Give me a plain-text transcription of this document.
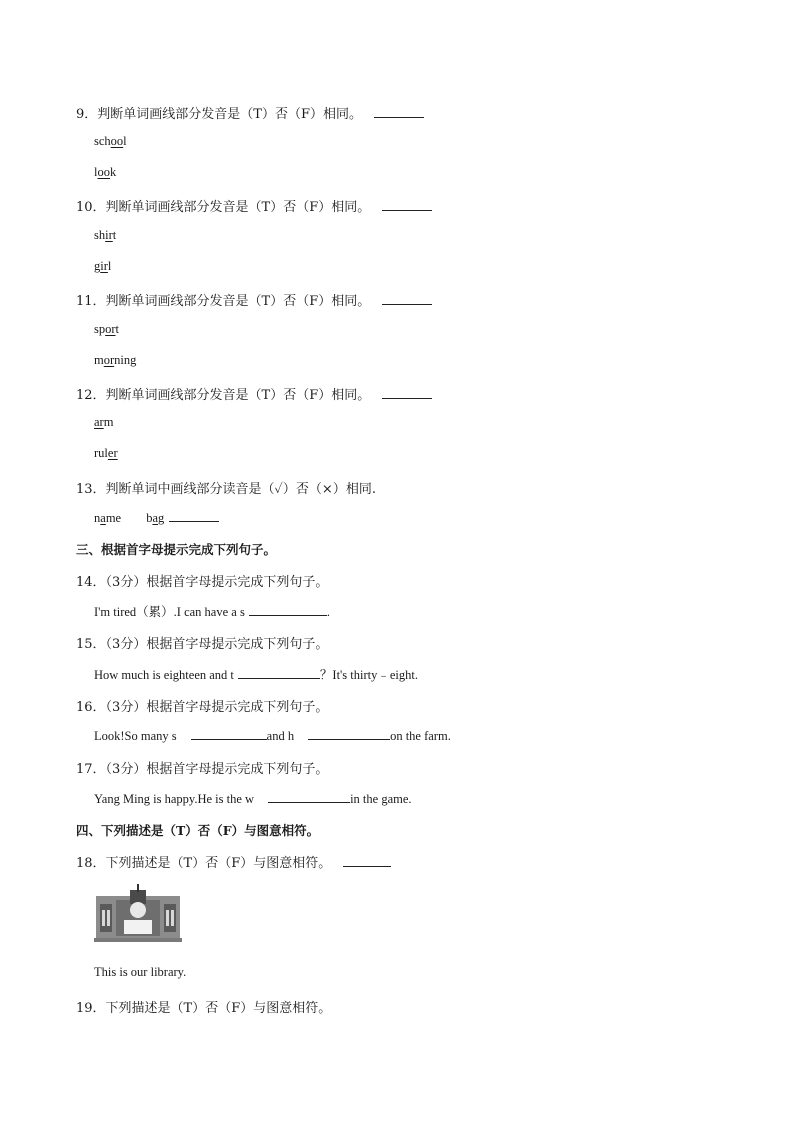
9．判断单词画线部分发音是（T）否（F）相同。
school
look
10．判断单词画线部分发音是（T）否（F）相同。
shirt
girl
11．判断单词画线部分发音是（T）否（F）相同。
sport
morning
12．判断单词画线部分发音是（T）否（F）相同。
arm
ruler
13．判断单词中画线部分读音是（✓）否（×）相同.
name bag
三、根据首字母提示完成下列句子。
14．（3分）根据首字母提示完成下列句子。
I'm tired（累）.I can have a s	.
15．（3分）根据首字母提示完成下列句子。
How much is eighteen and t	？It's thirty﹣eight.
16．（3分）根据首字母提示完成下列句子。
Look!So many s	and h	on the farm.
17．（3分）根据首字母提示完成下列句子。
Yang Ming is happy.He is the w	in the game.
四、下列描述是（T）否（F）与图意相符。
18．下列描述是（T）否（F）与图意相符。
This is our library.
19．下列描述是（T）否（F）与图意相符。
